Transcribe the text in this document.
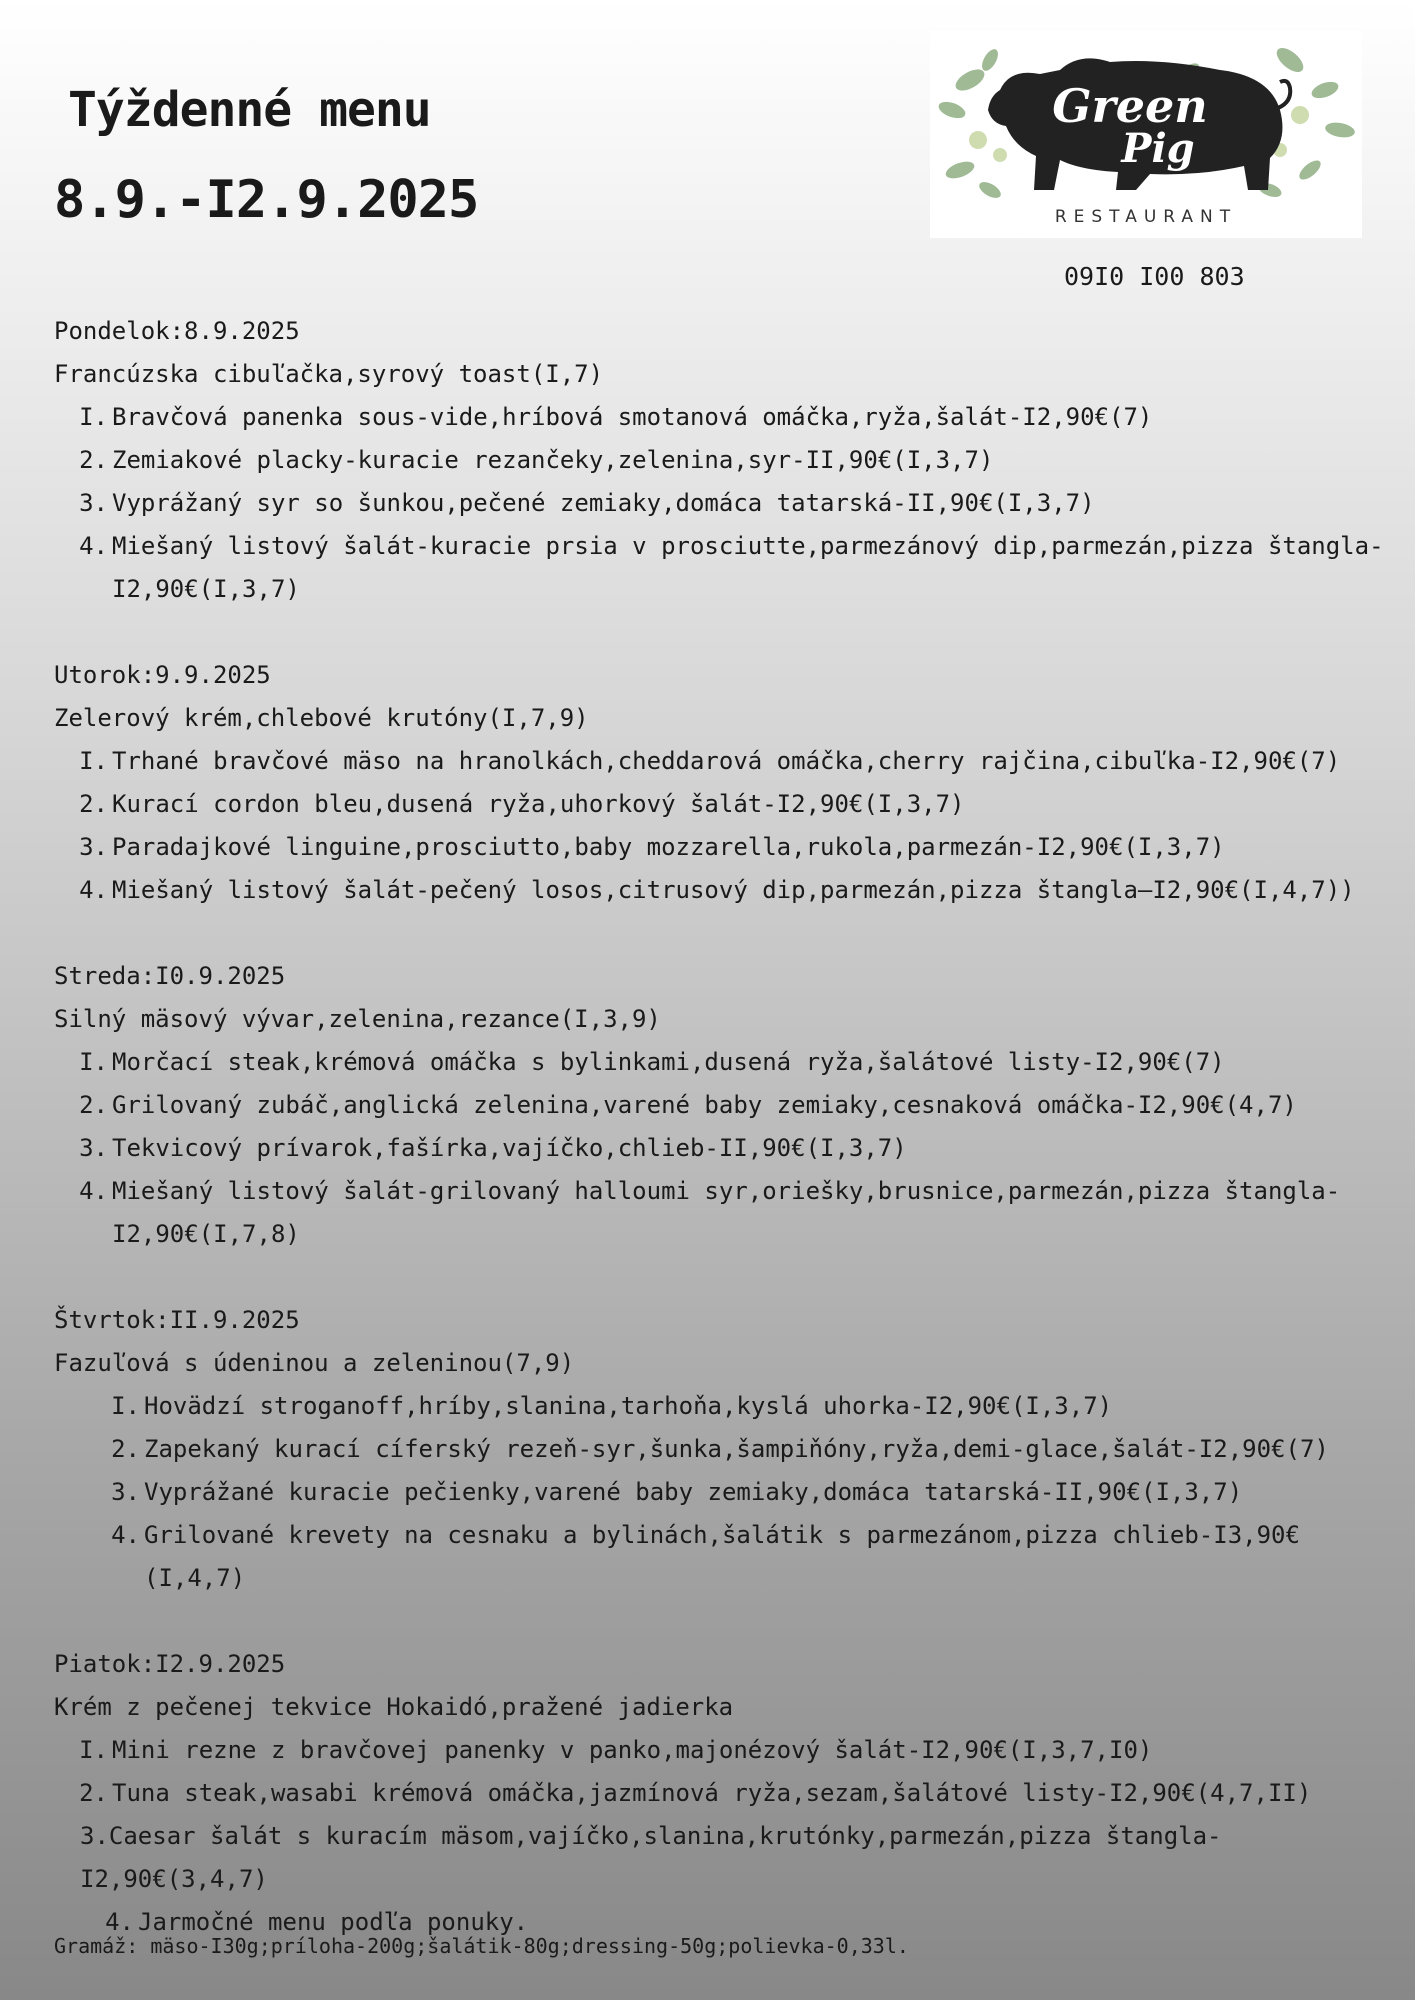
Týždenné menu
8.9.-I2.9.2025
Green
Pig
RESTAURANT
09I0 I00 803
Pondelok:8.9.2025
Francúzska cibuľačka,syrový toast(I,7)
I. Bravčová panenka sous-vide,hríbová smotanová omáčka,ryža,šalát-I2,90€(7)
2. Zemiakové placky-kuracie rezančeky,zelenina,syr-II,90€(I,3,7)
3. Vyprážaný syr so šunkou,pečené zemiaky,domáca tatarská-II,90€(I,3,7)
4. Miešaný listový šalát-kuracie prsia v prosciutte,parmezánový dip,parmezán,pizza štangla-I2,90€(I,3,7)
Utorok:9.9.2025
Zelerový krém,chlebové krutóny(I,7,9)
I. Trhané bravčové mäso na hranolkách,cheddarová omáčka,cherry rajčina,cibuľka-I2,90€(7)
2. Kurací cordon bleu,dusená ryža,uhorkový šalát-I2,90€(I,3,7)
3. Paradajkové linguine,prosciutto,baby mozzarella,rukola,parmezán-I2,90€(I,3,7)
4. Miešaný listový šalát-pečený losos,citrusový dip,parmezán,pizza štangla–I2,90€(I,4,7))
Streda:I0.9.2025
Silný mäsový vývar,zelenina,rezance(I,3,9)
I. Morčací steak,krémová omáčka s bylinkami,dusená ryža,šalátové listy-I2,90€(7)
2. Grilovaný zubáč,anglická zelenina,varené baby zemiaky,cesnaková omáčka-I2,90€(4,7)
3. Tekvicový prívarok,fašírka,vajíčko,chlieb-II,90€(I,3,7)
4. Miešaný listový šalát-grilovaný halloumi syr,oriešky,brusnice,parmezán,pizza štangla-I2,90€(I,7,8)
Štvrtok:II.9.2025
Fazuľová s údeninou a zeleninou(7,9)
I. Hovädzí stroganoff,hríby,slanina,tarhoňa,kyslá uhorka-I2,90€(I,3,7)
2. Zapekaný kurací cíferský rezeň-syr,šunka,šampiňóny,ryža,demi-glace,šalát-I2,90€(7)
3. Vyprážané kuracie pečienky,varené baby zemiaky,domáca tatarská-II,90€(I,3,7)
4. Grilované krevety na cesnaku a bylinách,šalátik s parmezánom,pizza chlieb-I3,90€(I,4,7)
Piatok:I2.9.2025
Krém z pečenej tekvice Hokaidó,pražené jadierka
I. Mini rezne z bravčovej panenky v panko,majonézový šalát-I2,90€(I,3,7,I0)
2. Tuna steak,wasabi krémová omáčka,jazmínová ryža,sezam,šalátové listy-I2,90€(4,7,II)
3.Caesar šalát s kuracím mäsom,vajíčko,slanina,krutónky,parmezán,pizza štangla-I2,90€(3,4,7)
4. Jarmočné menu podľa ponuky.
Gramáž: mäso-I30g;príloha-200g;šalátik-80g;dressing-50g;polievka-0,33l.
